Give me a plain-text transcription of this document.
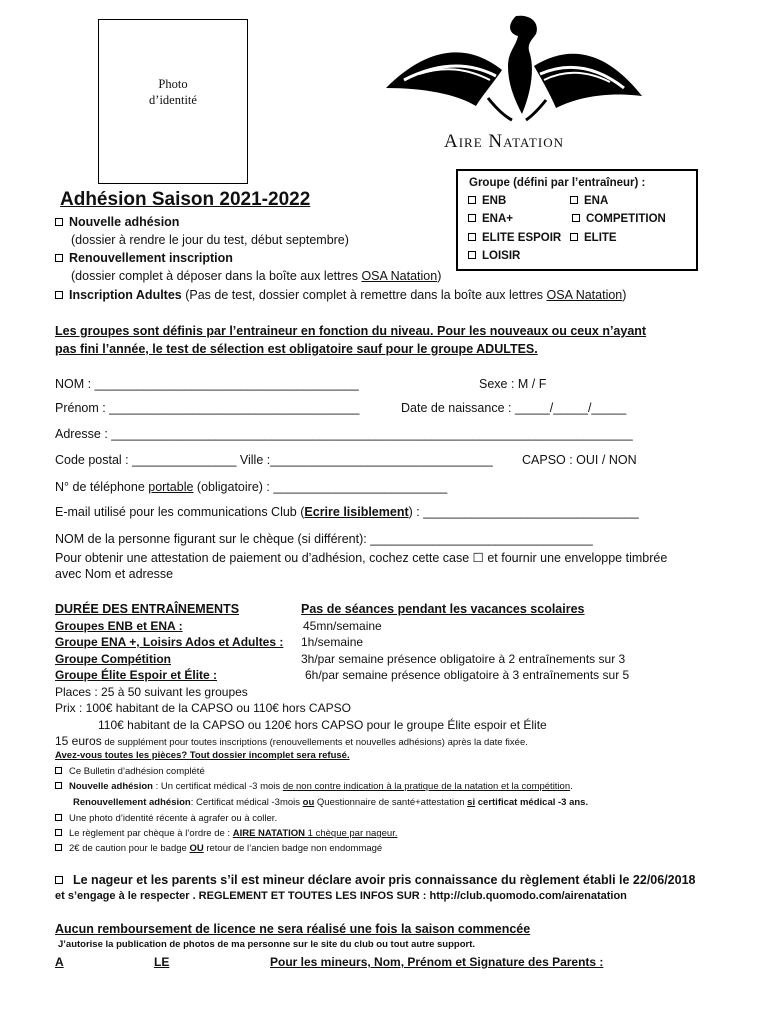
Photo
d’identité
Aire Natation
Adhésion Saison 2021-2022
Nouvelle adhésion
(dossier à rendre le jour du test, début septembre)
Renouvellement inscription
(dossier complet à déposer dans la boîte aux lettres OSA Natation)
Inscription Adultes (Pas de test, dossier complet à remettre dans la boîte aux lettres OSA Natation)
Groupe (défini par l’entraîneur) :
ENB	ENA
ENA+	COMPETITION
ELITE ESPOIR	ELITE
LOISIR
Les groupes sont définis par l’entraineur en fonction du niveau. Pour les nouveaux ou ceux n’ayant
pas fini l’année, le test de sélection est obligatoire sauf pour le groupe ADULTES.
NOM : ______________________________________	Sexe : M / F
Prénom : ____________________________________	Date de naissance : _____/_____/_____
Adresse : ___________________________________________________________________________
Code postal : _______________ Ville :________________________________ CAPSO : OUI / NON
N° de téléphone portable (obligatoire) : _________________________
E-mail utilisé pour les communications Club (Ecrire lisiblement) : _______________________________
NOM de la personne figurant sur le chèque (si différent): ________________________________
Pour obtenir une attestation de paiement ou d’adhésion, cochez cette case ☐ et fournir une enveloppe timbrée
avec Nom et adresse
DURÉE DES ENTRAÎNEMENTS	Pas de séances pendant les vacances scolaires
Groupes ENB et ENA :	45mn/semaine
Groupe ENA +, Loisirs Ados et Adultes : 1h/semaine
Groupe Compétition	3h/par semaine présence obligatoire à 2 entraînements sur 3
Groupe Élite Espoir et Élite :	6h/par semaine présence obligatoire à 3 entraînements sur 5
Places : 25 à 50 suivant les groupes
Prix : 100€ habitant de la CAPSO ou 110€ hors CAPSO
110€ habitant de la CAPSO ou 120€ hors CAPSO pour le groupe Élite espoir et Élite
15 euros de supplément pour toutes inscriptions (renouvellements et nouvelles adhésions) après la date fixée.
Avez-vous toutes les pièces? Tout dossier incomplet sera refusé.
Ce Bulletin d’adhésion complété
Nouvelle adhésion : Un certificat médical -3 mois de non contre indication à la pratique de la natation et la compétition.
Renouvellement adhésion: Certificat médical -3mois ou Questionnaire de santé+attestation si certificat médical -3 ans.
Une photo d’identité récente à agrafer ou à coller.
Le règlement par chèque à l’ordre de : AIRE NATATION 1 chèque par nageur.
2€ de caution pour le badge OU retour de l’ancien badge non endommagé
Le nageur et les parents s’il est mineur déclare avoir pris connaissance du règlement établi le 22/06/2018
et s’engage à le respecter . REGLEMENT ET TOUTES LES INFOS SUR : http://club.quomodo.com/airenatation
Aucun remboursement de licence ne sera réalisé une fois la saison commencée
J’autorise la publication de photos de ma personne sur le site du club ou tout autre support.
A	LE	Pour les mineurs, Nom, Prénom et Signature des Parents :
